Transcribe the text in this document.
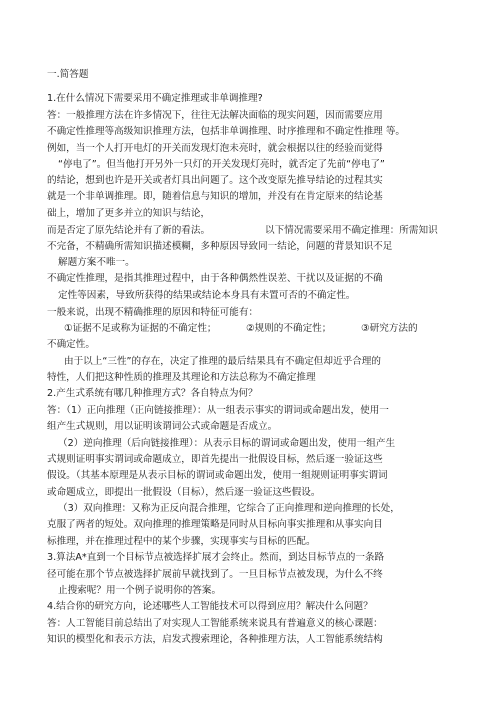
一.简答题
1.在什么情况下需要采用不确定推理或非单调推理?
答：一般推理方法在许多情况下，往往无法解决面临的现实问题，因而需要应用
不确定性推理等高级知识推理方法，包括非单调推理、时序推理和不确定性推理 等。
例如，当一个人打开电灯的开关而发现灯泡未亮时，就会根据以往的经验而觉得
“停电了”。但当他打开另外一只灯的开关发现灯亮时，就否定了先前“停电了”
的结论，想到也许是开关或者灯具出问题了。这个改变原先推导结论的过程其实
就是一个非单调推理。即，随着信息与知识的增加，并没有在肯定原来的结论基
础上，增加了更多并立的知识与结论，
而是否定了原先结论并有了新的看法。	以下情况需要采用不确定推理：所需知识
不完备，不精确所需知识描述模糊，多种原因导致同一结论，问题的背景知识不足
解题方案不唯一。
不确定性推理，是指其推理过程中，由于各种偶然性误差、干扰以及证据的不确
定性等因素，导致所获得的结果或结论本身具有未置可否的不确定性。
一般来说，出现不精确推理的原因和特征可能有：
①证据不足或称为证据的不确定性；	②规则的不确定性；	③研究方法的
不确定性。
由于以上“三性”的存在，决定了推理的最后结果具有不确定但却近乎合理的
特性，人们把这种性质的推理及其理论和方法总称为不确定推理
2.产生式系统有哪几种推理方式？各自特点为何？
答：（1）正向推理（正向链接推理）：从一组表示事实的谓词或命题出发，使用一
组产生式规则，用以证明该谓词公式或命题是否成立。
（2）逆向推理（后向链接推理）：从表示目标的谓词或命题出发，使用一组产生
式规则证明事实谓词或命题成立，即首先提出一批假设目标，然后逐一验证这些
假设。（其基本原理是从表示目标的谓词或命题出发，使用一组规则证明事实谓词
或命题成立，即提出一批假设（目标），然后逐一验证这些假设。
（3）双向推理：又称为正反向混合推理，它综合了正向推理和逆向推理的长处，
克服了两者的短处。双向推理的推理策略是同时从目标向事实推理和从事实向目
标推理，并在推理过程中的某个步骤，实现事实与目标的匹配。
3.算法A*直到一个目标节点被选择扩展才会终止。然而，到达目标节点的一条路
径可能在那个节点被选择扩展前早就找到了。一旦目标节点被发现，为什么不终
止搜索呢？用一个例子说明你的答案。
4.结合你的研究方向，论述哪些人工智能技术可以得到应用？解决什么问题？
答：人工智能目前总结出了对实现人工智能系统来说具有普遍意义的核心课题：
知识的模型化和表示方法，启发式搜索理论，各种推理方法，人工智能系统结构
